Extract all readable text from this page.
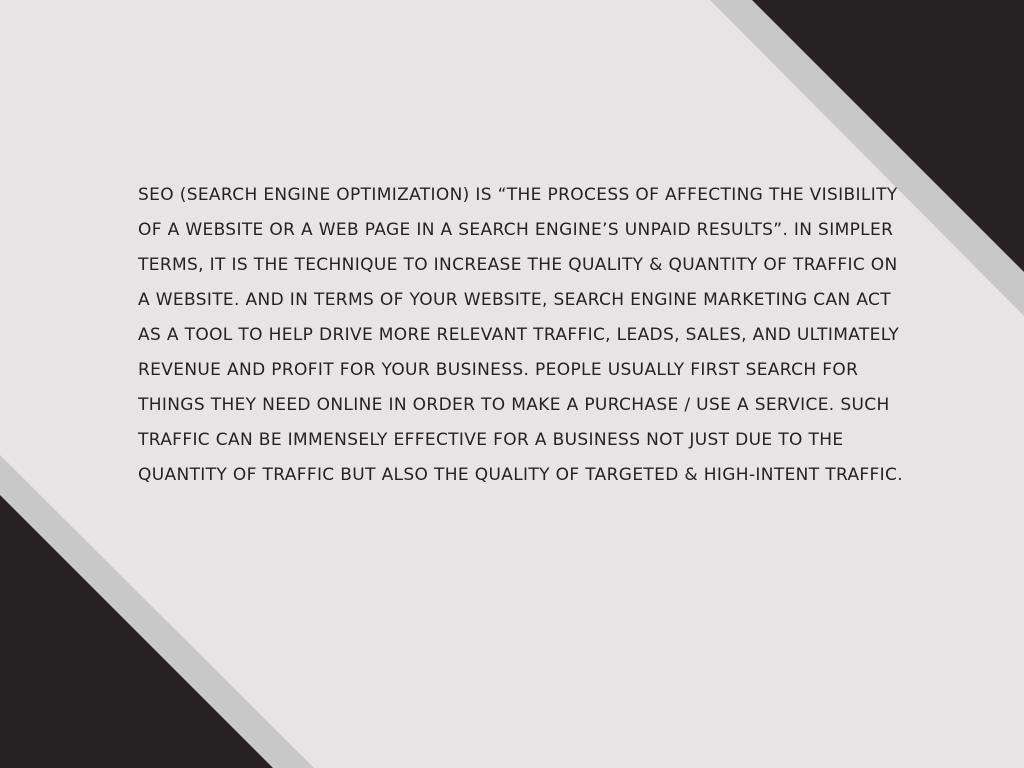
SEO (SEARCH ENGINE OPTIMIZATION) IS “THE PROCESS OF AFFECTING THE VISIBILITY OF A WEBSITE OR A WEB PAGE IN A SEARCH ENGINE’S UNPAID RESULTS”. IN SIMPLER TERMS, IT IS THE TECHNIQUE TO INCREASE THE QUALITY & QUANTITY OF TRAFFIC ON A WEBSITE. AND IN TERMS OF YOUR WEBSITE, SEARCH ENGINE MARKETING CAN ACT AS A TOOL TO HELP DRIVE MORE RELEVANT TRAFFIC, LEADS, SALES, AND ULTIMATELY REVENUE AND PROFIT FOR YOUR BUSINESS. PEOPLE USUALLY FIRST SEARCH FOR THINGS THEY NEED ONLINE IN ORDER TO MAKE A PURCHASE / USE A SERVICE. SUCH TRAFFIC CAN BE IMMENSELY EFFECTIVE FOR A BUSINESS NOT JUST DUE TO THE QUANTITY OF TRAFFIC BUT ALSO THE QUALITY OF TARGETED & HIGH-INTENT TRAFFIC.
